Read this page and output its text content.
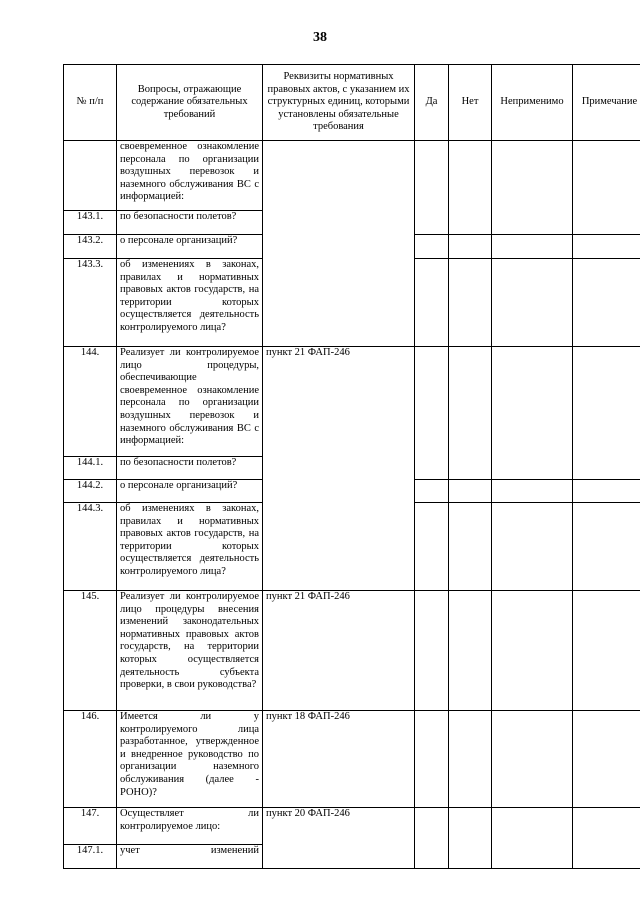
38
№ п/п	Вопросы, отражающие содержание обязательных требований	Реквизиты нормативных правовых актов, с указанием их структурных единиц, которыми установлены обязательные требования	Да	Нет	Неприменимо	Примечание
	своевременное ознакомление персонала по организации воздушных перевозок и наземного обслуживания ВС с информацией:					
143.1.	по безопасности полетов?					
143.2.	о персонале организаций?					
143.3.	об изменениях в законах, правилах и нормативных правовых актов государств, на территории которых осуществляется деятельность контролируемого лица?					
144.	Реализует ли контролируемое лицо процедуры, обеспечивающие своевременное ознакомление персонала по организации воздушных перевозок и наземного обслуживания ВС с информацией:	пункт 21 ФАП-246				
144.1.	по безопасности полетов?					
144.2.	о персонале организаций?					
144.3.	об изменениях в законах, правилах и нормативных правовых актов государств, на территории которых осуществляется деятельность контролируемого лица?					
145.	Реализует ли контролируемое лицо процедуры внесения изменений законодательных нормативных правовых актов государств, на территории которых осуществляется деятельность субъекта проверки, в свои руководства?	пункт 21 ФАП-246				
146.	Имеется ли у контролируемого лица разработанное, утвержденное и внедренное руководство по организации наземного обслуживания (далее - РОНО)?	пункт 18 ФАП-246				
147.	Осуществляет ли контролируемое лицо:	пункт 20 ФАП-246				
147.1.	учет изменений					
